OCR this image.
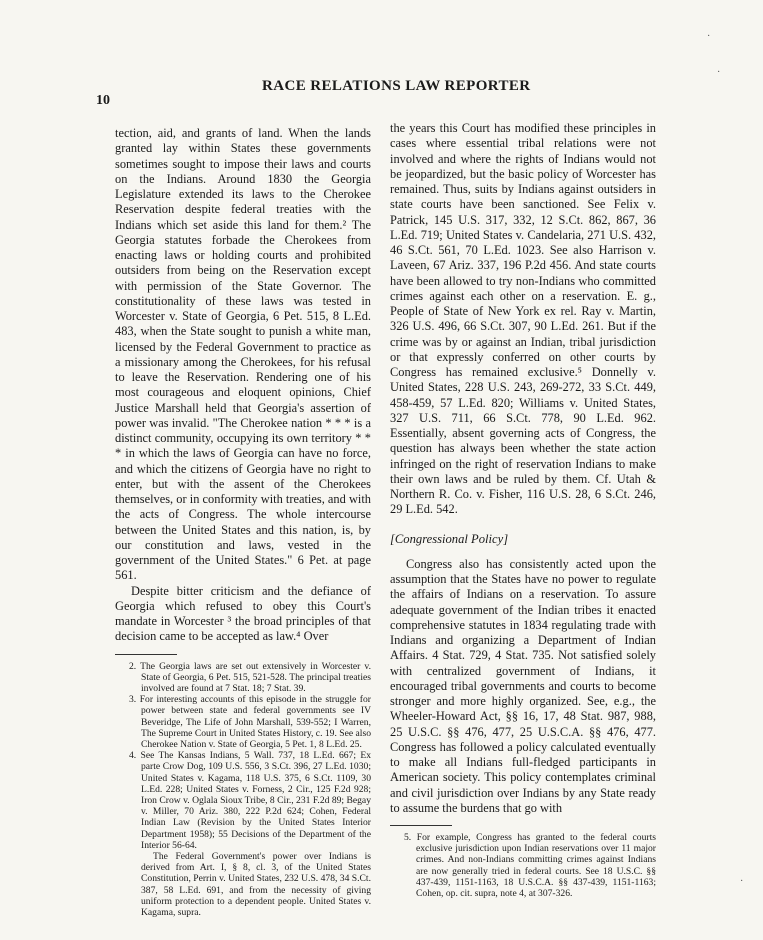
10
RACE RELATIONS LAW REPORTER
·
·
·

tection, aid, and grants of land. When the lands granted lay within States these governments sometimes sought to impose their laws and courts on the Indians. Around 1830 the Georgia Legislature extended its laws to the Cherokee Reservation despite federal treaties with the Indians which set aside this land for them.² The Georgia statutes forbade the Cherokees from enacting laws or holding courts and prohibited outsiders from being on the Reservation except with permission of the State Governor. The constitutionality of these laws was tested in Worcester v. State of Georgia, 6 Pet. 515, 8 L.Ed. 483, when the State sought to punish a white man, licensed by the Federal Government to practice as a missionary among the Cherokees, for his refusal to leave the Reservation. Rendering one of his most courageous and eloquent opinions, Chief Justice Marshall held that Georgia's assertion of power was invalid. "The Cherokee nation * * * is a distinct community, occupying its own territory * * * in which the laws of Georgia can have no force, and which the citizens of Georgia have no right to enter, but with the assent of the Cherokees themselves, or in conformity with treaties, and with the acts of Congress. The whole intercourse between the United States and this nation, is, by our constitution and laws, vested in the government of the United States." 6 Pet. at page 561.

Despite bitter criticism and the defiance of Georgia which refused to obey this Court's mandate in Worcester ³ the broad principles of that decision came to be accepted as law.⁴ Over

2. The Georgia laws are set out extensively in Worcester v. State of Georgia, 6 Pet. 515, 521-528. The principal treaties involved are found at 7 Stat. 18; 7 Stat. 39.

3. For interesting accounts of this episode in the struggle for power between state and federal governments see IV Beveridge, The Life of John Marshall, 539-552; I Warren, The Supreme Court in United States History, c. 19. See also Cherokee Nation v. State of Georgia, 5 Pet. 1, 8 L.Ed. 25.

4. See The Kansas Indians, 5 Wall. 737, 18 L.Ed. 667; Ex parte Crow Dog, 109 U.S. 556, 3 S.Ct. 396, 27 L.Ed. 1030; United States v. Kagama, 118 U.S. 375, 6 S.Ct. 1109, 30 L.Ed. 228; United States v. Forness, 2 Cir., 125 F.2d 928; Iron Crow v. Oglala Sioux Tribe, 8 Cir., 231 F.2d 89; Begay v. Miller, 70 Ariz. 380, 222 P.2d 624; Cohen, Federal Indian Law (Revision by the United States Interior Department 1958); 55 Decisions of the Department of the Interior 56-64.

The Federal Government's power over Indians is derived from Art. I, § 8, cl. 3, of the United States Constitution, Perrin v. United States, 232 U.S. 478, 34 S.Ct. 387, 58 L.Ed. 691, and from the necessity of giving uniform protection to a dependent people. United States v. Kagama, supra.

the years this Court has modified these principles in cases where essential tribal relations were not involved and where the rights of Indians would not be jeopardized, but the basic policy of Worcester has remained. Thus, suits by Indians against outsiders in state courts have been sanctioned. See Felix v. Patrick, 145 U.S. 317, 332, 12 S.Ct. 862, 867, 36 L.Ed. 719; United States v. Candelaria, 271 U.S. 432, 46 S.Ct. 561, 70 L.Ed. 1023. See also Harrison v. Laveen, 67 Ariz. 337, 196 P.2d 456. And state courts have been allowed to try non-Indians who committed crimes against each other on a reservation. E. g., People of State of New York ex rel. Ray v. Martin, 326 U.S. 496, 66 S.Ct. 307, 90 L.Ed. 261. But if the crime was by or against an Indian, tribal jurisdiction or that expressly conferred on other courts by Congress has remained exclusive.⁵ Donnelly v. United States, 228 U.S. 243, 269-272, 33 S.Ct. 449, 458-459, 57 L.Ed. 820; Williams v. United States, 327 U.S. 711, 66 S.Ct. 778, 90 L.Ed. 962. Essentially, absent governing acts of Congress, the question has always been whether the state action infringed on the right of reservation Indians to make their own laws and be ruled by them. Cf. Utah & Northern R. Co. v. Fisher, 116 U.S. 28, 6 S.Ct. 246, 29 L.Ed. 542.

[Congressional Policy]

Congress also has consistently acted upon the assumption that the States have no power to regulate the affairs of Indians on a reservation. To assure adequate government of the Indian tribes it enacted comprehensive statutes in 1834 regulating trade with Indians and organizing a Department of Indian Affairs. 4 Stat. 729, 4 Stat. 735. Not satisfied solely with centralized government of Indians, it encouraged tribal governments and courts to become stronger and more highly organized. See, e.g., the Wheeler-Howard Act, §§ 16, 17, 48 Stat. 987, 988, 25 U.S.C. §§ 476, 477, 25 U.S.C.A. §§ 476, 477. Congress has followed a policy calculated eventually to make all Indians full-fledged participants in American society. This policy contemplates criminal and civil jurisdiction over Indians by any State ready to assume the burdens that go with

5. For example, Congress has granted to the federal courts exclusive jurisdiction upon Indian reservations over 11 major crimes. And non-Indians committing crimes against Indians are now generally tried in federal courts. See 18 U.S.C. §§ 437-439, 1151-1163, 18 U.S.C.A. §§ 437-439, 1151-1163; Cohen, op. cit. supra, note 4, at 307-326.
